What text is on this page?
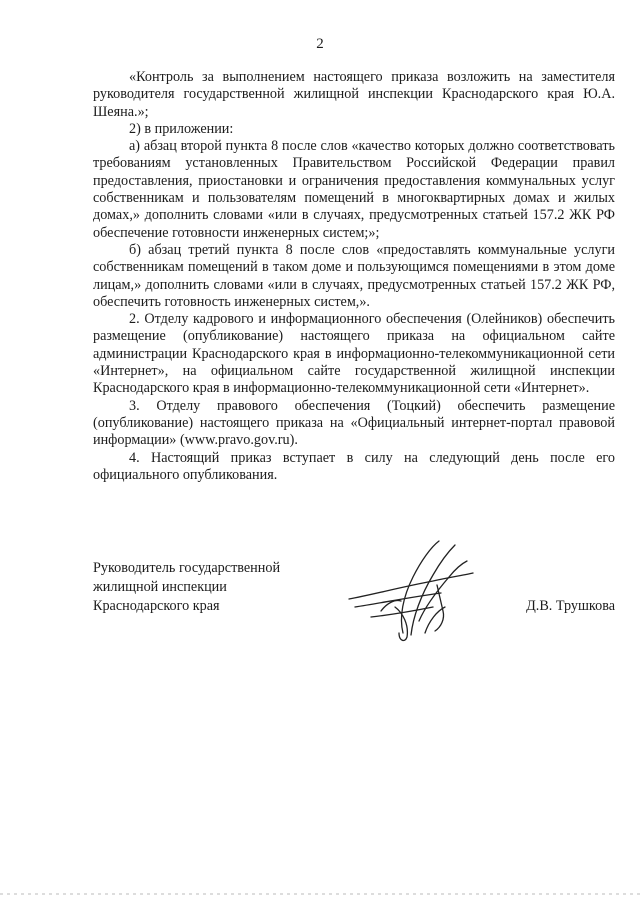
2

«Контроль за выполнением настоящего приказа возложить на заместителя руководителя государственной жилищной инспекции Краснодарского края Ю.А. Шеяна.»;

2) в приложении:

а) абзац второй пункта 8 после слов «качество которых должно соответствовать требованиям установленных Правительством Российской Федерации правил предоставления, приостановки и ограничения предоставления коммунальных услуг собственникам и пользователям помещений в многоквартирных домах и жилых домах,» дополнить словами «или в случаях, предусмотренных статьей 157.2 ЖК РФ обеспечение готовности инженерных систем;»;

б) абзац третий пункта 8 после слов «предоставлять коммунальные услуги собственникам помещений в таком доме и пользующимся помещениями в этом доме лицам,» дополнить словами «или в случаях, предусмотренных статьей 157.2 ЖК РФ, обеспечить готовность инженерных систем,».

2. Отделу кадрового и информационного обеспечения (Олейников) обеспечить размещение (опубликование) настоящего приказа на официальном сайте администрации Краснодарского края в информационно-телекоммуникационной сети «Интернет», на официальном сайте государственной жилищной инспекции Краснодарского края в информационно-телекоммуникационной сети «Интернет».

3. Отделу правового обеспечения (Тоцкий) обеспечить размещение (опубликование) настоящего приказа на «Официальный интернет-портал правовой информации» (www.pravo.gov.ru).

4. Настоящий приказ вступает в силу на следующий день после его официального опубликования.

Руководитель государственной
жилищной инспекции
Краснодарского края	Д.В. Трушкова
